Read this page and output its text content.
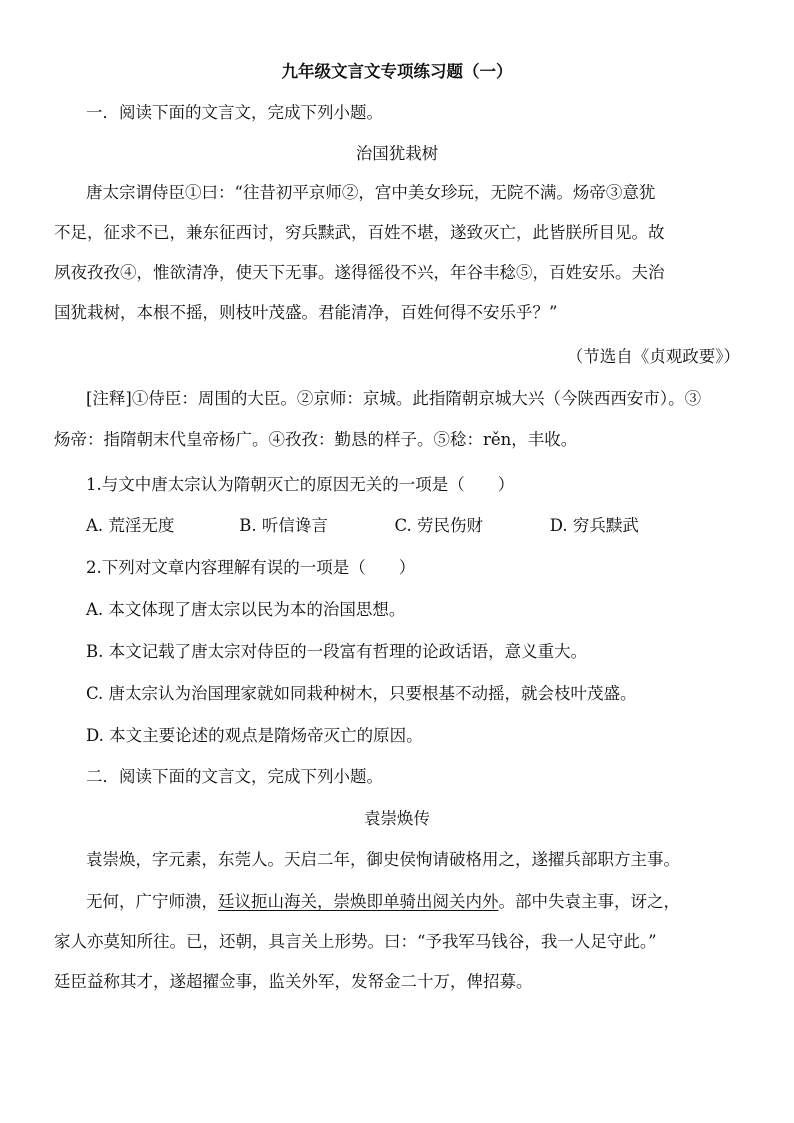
九年级文言文专项练习题（一）
一．阅读下面的文言文，完成下列小题。
治国犹栽树
唐太宗谓侍臣①曰：“往昔初平京师②，宫中美女珍玩，无院不满。炀帝③意犹
不足，征求不已，兼东征西讨，穷兵黩武，百姓不堪，遂致灭亡，此皆朕所目见。故
夙夜孜孜④，惟欲清净，使天下无事。遂得徭役不兴，年谷丰稔⑤，百姓安乐。夫治
国犹栽树，本根不摇，则枝叶茂盛。君能清净，百姓何得不安乐乎？”
（节选自《贞观政要》）
[注释]①侍臣：周围的大臣。②京师：京城。此指隋朝京城大兴（今陕西西安市）。③
炀帝：指隋朝末代皇帝杨广。④孜孜：勤恳的样子。⑤稔：rěn，丰收。
1.与文中唐太宗认为隋朝灭亡的原因无关的一项是（　　）
A. 荒淫无度	B. 听信谗言	C. 劳民伤财	D. 穷兵黩武
2.下列对文章内容理解有误的一项是（　　）
A. 本文体现了唐太宗以民为本的治国思想。
B. 本文记载了唐太宗对侍臣的一段富有哲理的论政话语，意义重大。
C. 唐太宗认为治国理家就如同栽种树木，只要根基不动摇，就会枝叶茂盛。
D. 本文主要论述的观点是隋炀帝灭亡的原因。
二．阅读下面的文言文，完成下列小题。
袁崇焕传
袁崇焕，字元素，东莞人。天启二年，御史侯恂请破格用之，遂擢兵部职方主事。
无何，广宁师溃，廷议扼山海关，崇焕即单骑出阅关内外。部中失袁主事，讶之，
家人亦莫知所往。已，还朝，具言关上形势。曰：“予我军马钱谷，我一人足守此。”
廷臣益称其才，遂超擢佥事，监关外军，发帑金二十万，俾招募。
